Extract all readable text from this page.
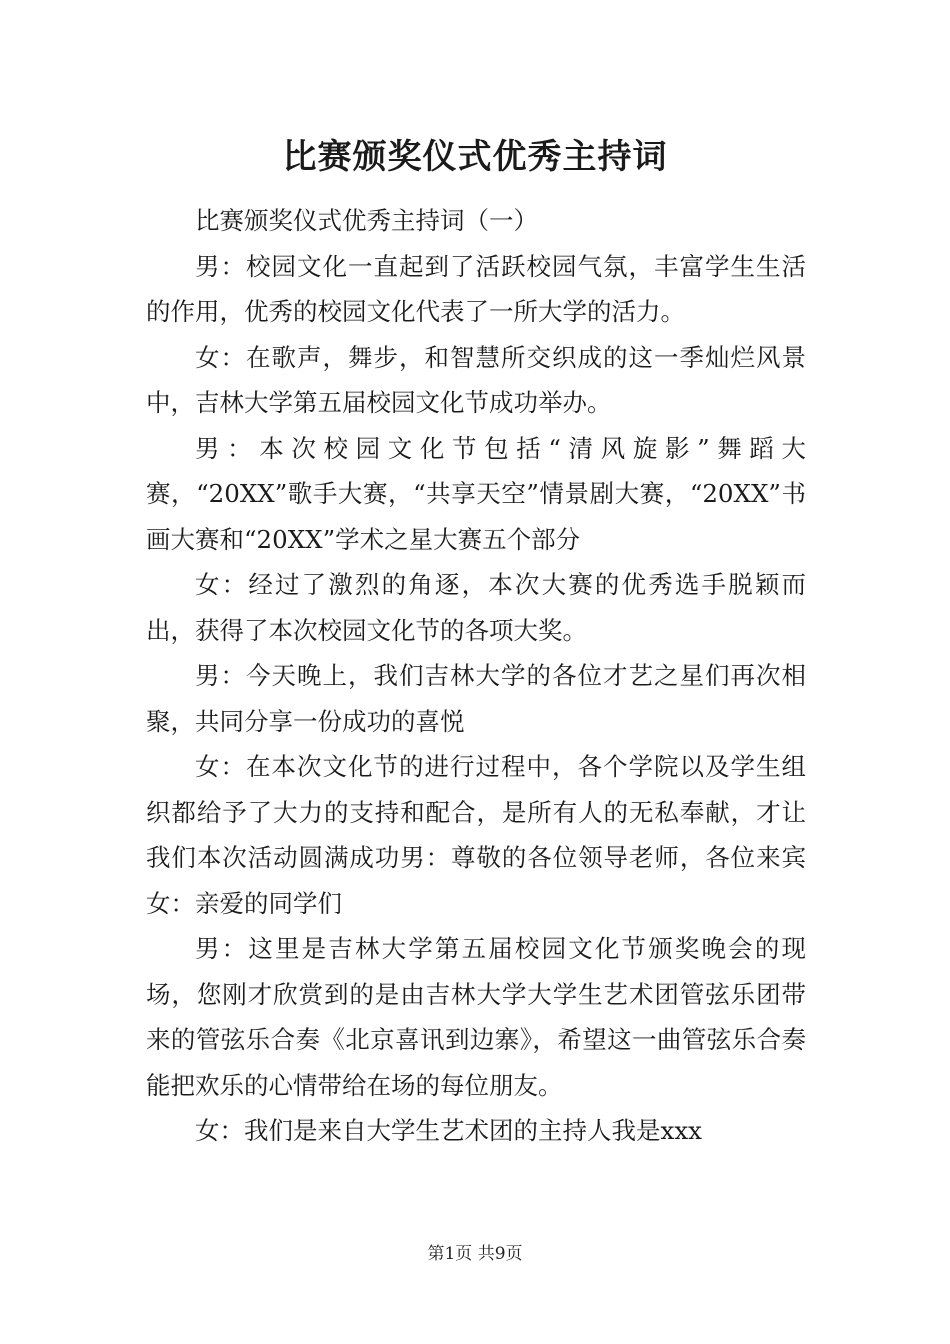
比赛颁奖仪式优秀主持词

比赛颁奖仪式优秀主持词（一）

男：校园文化一直起到了活跃校园气氛，丰富学生生活的作用，优秀的校园文化代表了一所大学的活力。

女：在歌声，舞步，和智慧所交织成的这一季灿烂风景中，吉林大学第五届校园文化节成功举办。

男：本次校园文化节包括“清风旋影”舞蹈大赛，“20XX”歌手大赛，“共享天空”情景剧大赛，“20XX”书画大赛和“20XX”学术之星大赛五个部分

女：经过了激烈的角逐，本次大赛的优秀选手脱颖而出，获得了本次校园文化节的各项大奖。

男：今天晚上，我们吉林大学的各位才艺之星们再次相聚，共同分享一份成功的喜悦

女：在本次文化节的进行过程中，各个学院以及学生组织都给予了大力的支持和配合，是所有人的无私奉献，才让我们本次活动圆满成功男：尊敬的各位领导老师，各位来宾女：亲爱的同学们

男：这里是吉林大学第五届校园文化节颁奖晚会的现场，您刚才欣赏到的是由吉林大学大学生艺术团管弦乐团带来的管弦乐合奏《北京喜讯到边寨》，希望这一曲管弦乐合奏能把欢乐的心情带给在场的每位朋友。

女：我们是来自大学生艺术团的主持人我是xxx

第1页 共9页
